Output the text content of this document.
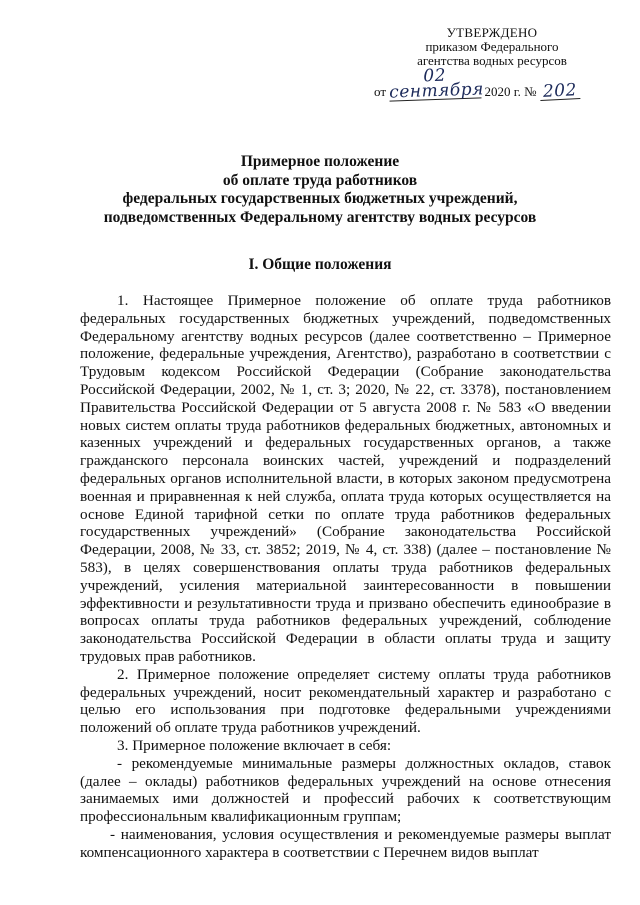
УТВЕРЖДЕНО
приказом Федерального
агентства водных ресурсов
от 02 сентября 2020 г. № 202
Примерное положение
об оплате труда работников
федеральных государственных бюджетных учреждений,
подведомственных Федеральному агентству водных ресурсов
I. Общие положения

1. Настоящее Примерное положение об оплате труда работников федеральных государственных бюджетных учреждений, подведомственных Федеральному агентству водных ресурсов (далее соответственно – Примерное положение, федеральные учреждения, Агентство), разработано в соответствии с Трудовым кодексом Российской Федерации (Собрание законодательства Российской Федерации, 2002, № 1, ст. 3; 2020, № 22, ст. 3378), постановлением Правительства Российской Федерации от 5 августа 2008 г. № 583 «О введении новых систем оплаты труда работников федеральных бюджетных, автономных и казенных учреждений и федеральных государственных органов, а также гражданского персонала воинских частей, учреждений и подразделений федеральных органов исполнительной власти, в которых законом предусмотрена военная и приравненная к ней служба, оплата труда которых осуществляется на основе Единой тарифной сетки по оплате труда работников федеральных государственных учреждений» (Собрание законодательства Российской Федерации, 2008, № 33, ст. 3852; 2019, № 4, ст. 338) (далее – постановление № 583), в целях совершенствования оплаты труда работников федеральных учреждений, усиления материальной заинтересованности в повышении эффективности и результативности труда и призвано обеспечить единообразие в вопросах оплаты труда работников федеральных учреждений, соблюдение законодательства Российской Федерации в области оплаты труда и защиту трудовых прав работников.

2. Примерное положение определяет систему оплаты труда работников федеральных учреждений, носит рекомендательный характер и разработано с целью его использования при подготовке федеральными учреждениями положений об оплате труда работников учреждений.

3. Примерное положение включает в себя:

- рекомендуемые минимальные размеры должностных окладов, ставок (далее – оклады) работников федеральных учреждений на основе отнесения занимаемых ими должностей и профессий рабочих к соответствующим профессиональным квалификационным группам;

- наименования, условия осуществления и рекомендуемые размеры выплат компенсационного характера в соответствии с Перечнем видов выплат
